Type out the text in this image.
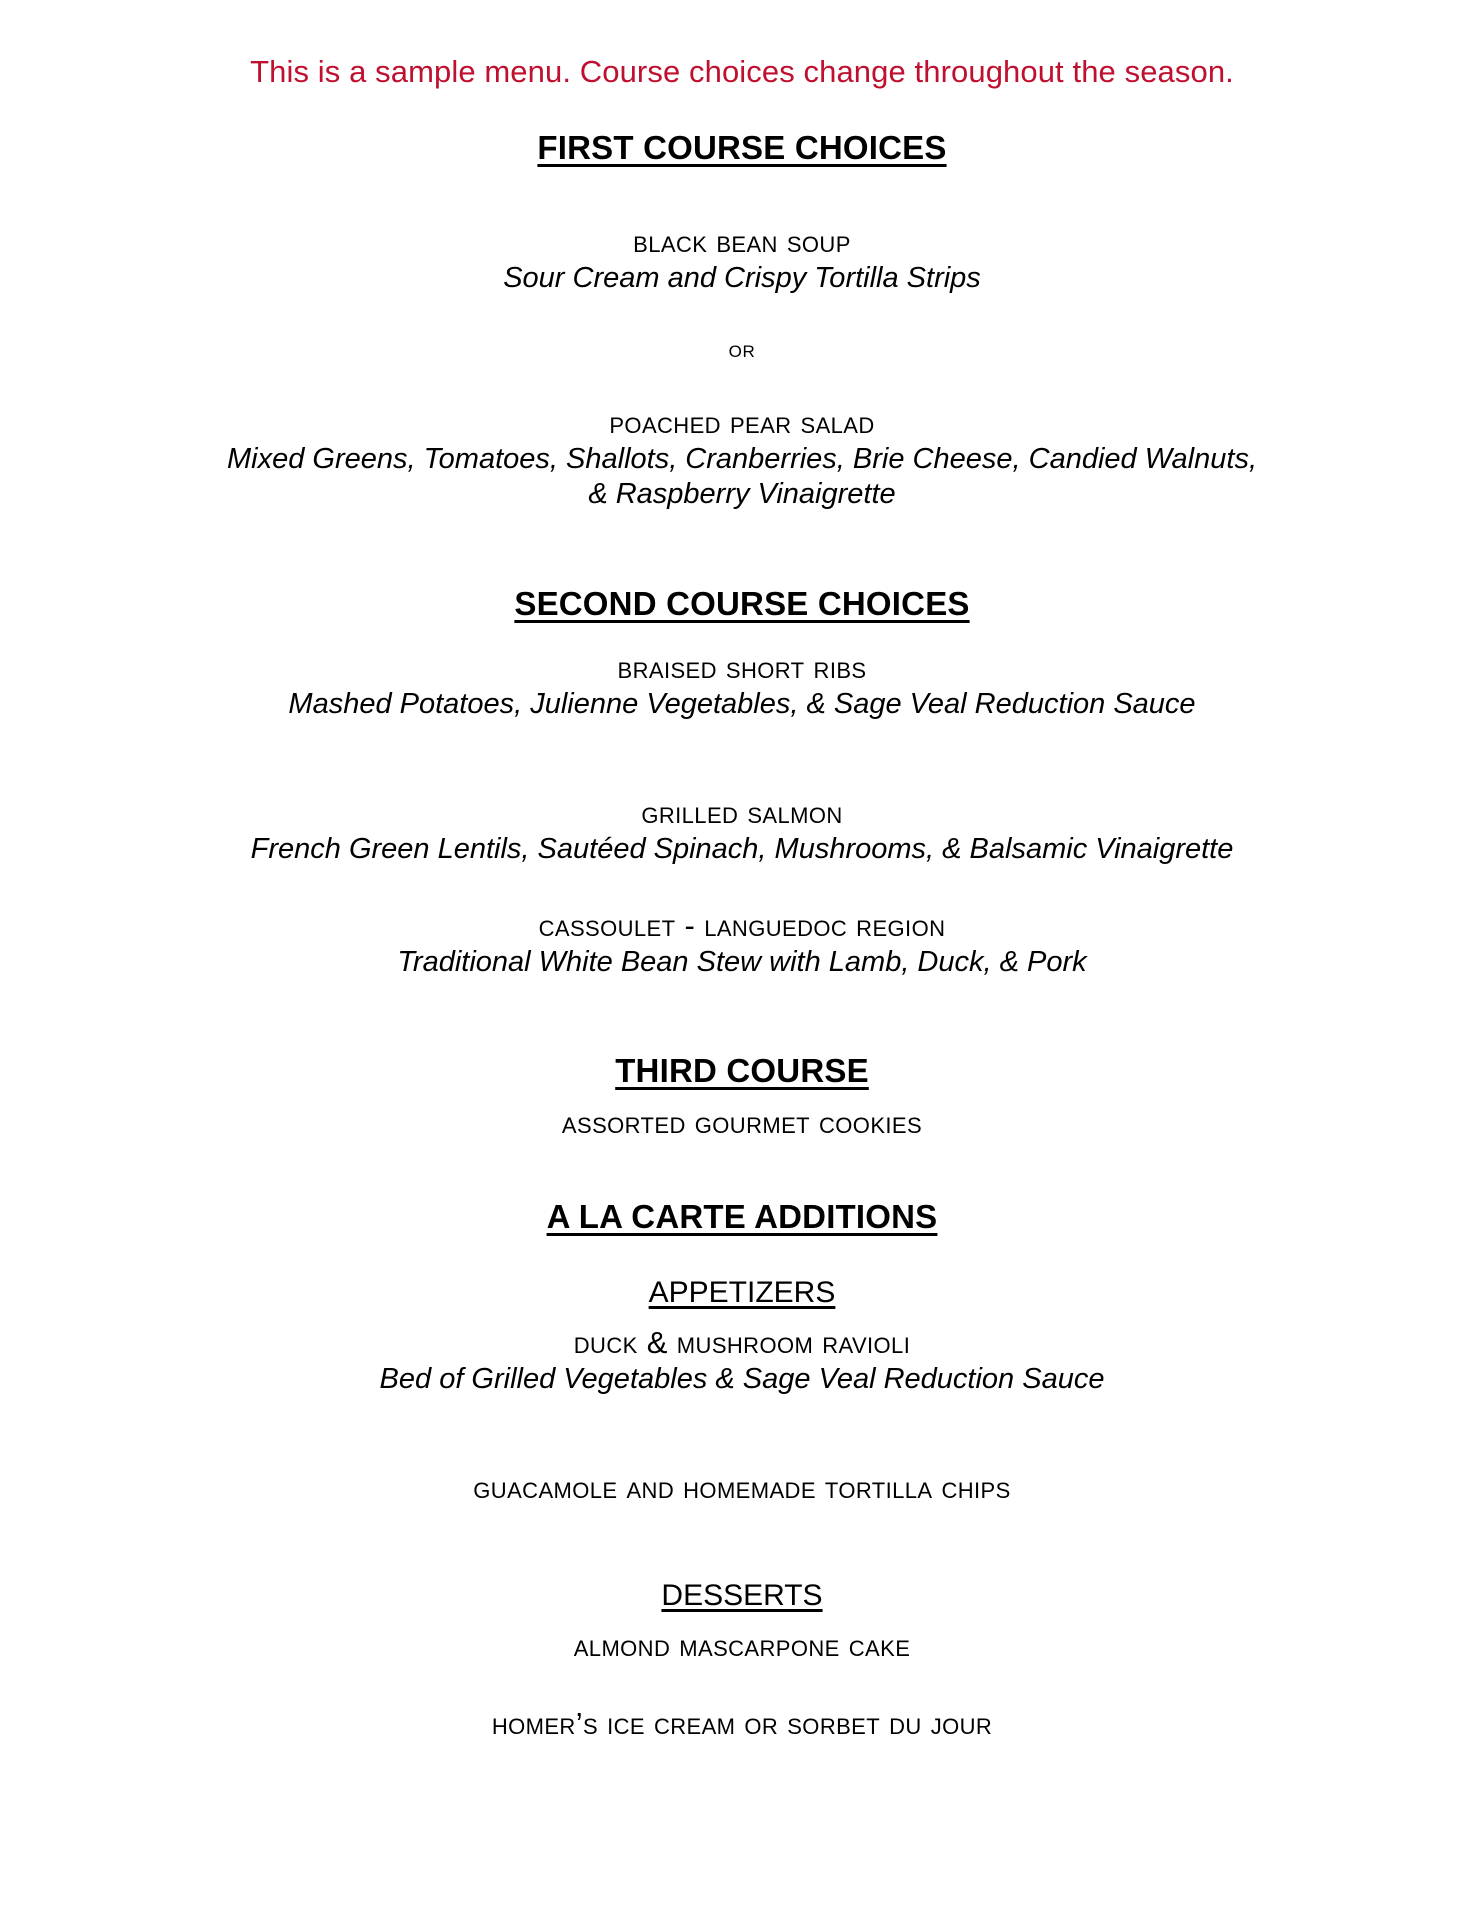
This is a sample menu. Course choices change throughout the season.

FIRST COURSE CHOICES

black bean soup

Sour Cream and Crispy Tortilla Strips

or

poached pear salad

Mixed Greens, Tomatoes, Shallots, Cranberries, Brie Cheese, Candied Walnuts,

& Raspberry Vinaigrette

SECOND COURSE CHOICES

braised short ribs

Mashed Potatoes, Julienne Vegetables, & Sage Veal Reduction Sauce

grilled salmon

French Green Lentils, Sautéed Spinach, Mushrooms, & Balsamic Vinaigrette

cassoulet - languedoc region

Traditional White Bean Stew with Lamb, Duck, & Pork

THIRD COURSE

assorted gourmet cookies

A LA CARTE ADDITIONS
APPETIZERS

duck & mushroom ravioli

Bed of Grilled Vegetables & Sage Veal Reduction Sauce

guacamole and homemade tortilla chips

DESSERTS

almond mascarpone cake

homer’s ice cream or sorbet du jour
